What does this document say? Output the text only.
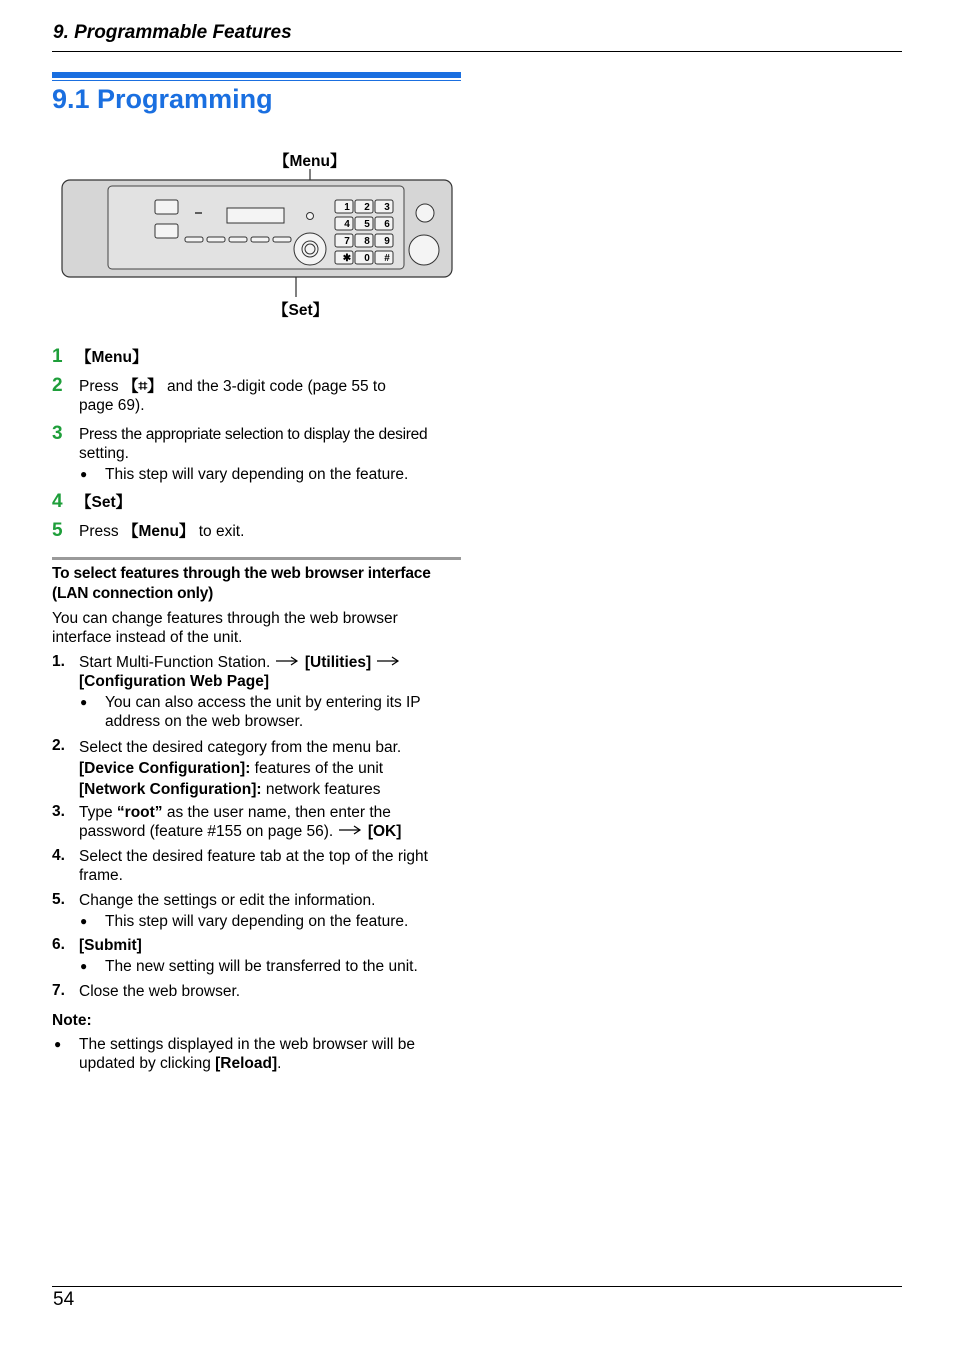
9. Programmable Features
9.1 Programming
【Menu】
【Set】
1 2 3
4 5 6
7 8 9
✱ 0 #
1 【Menu】
2 Press 【⌗】 and the 3-digit code (page 55 to
page 69).
3 Press the appropriate selection to display the desired
setting.
● This step will vary depending on the feature.
4 【Set】
5 Press 【Menu】 to exit.
To select features through the web browser interface
(LAN connection only)
You can change features through the web browser
interface instead of the unit.
1. Start Multi-Function Station.  [Utilities]
[Configuration Web Page]
● You can also access the unit by entering its IP
address on the web browser.
2. Select the desired category from the menu bar.
[Device Configuration]: features of the unit
[Network Configuration]: network features
3. Type “root” as the user name, then enter the
password (feature #155 on page 56).  [OK]
4. Select the desired feature tab at the top of the right
frame.
5. Change the settings or edit the information.
● This step will vary depending on the feature.
6. [Submit]
● The new setting will be transferred to the unit.
7. Close the web browser.
Note:
● The settings displayed in the web browser will be
updated by clicking [Reload].
54
